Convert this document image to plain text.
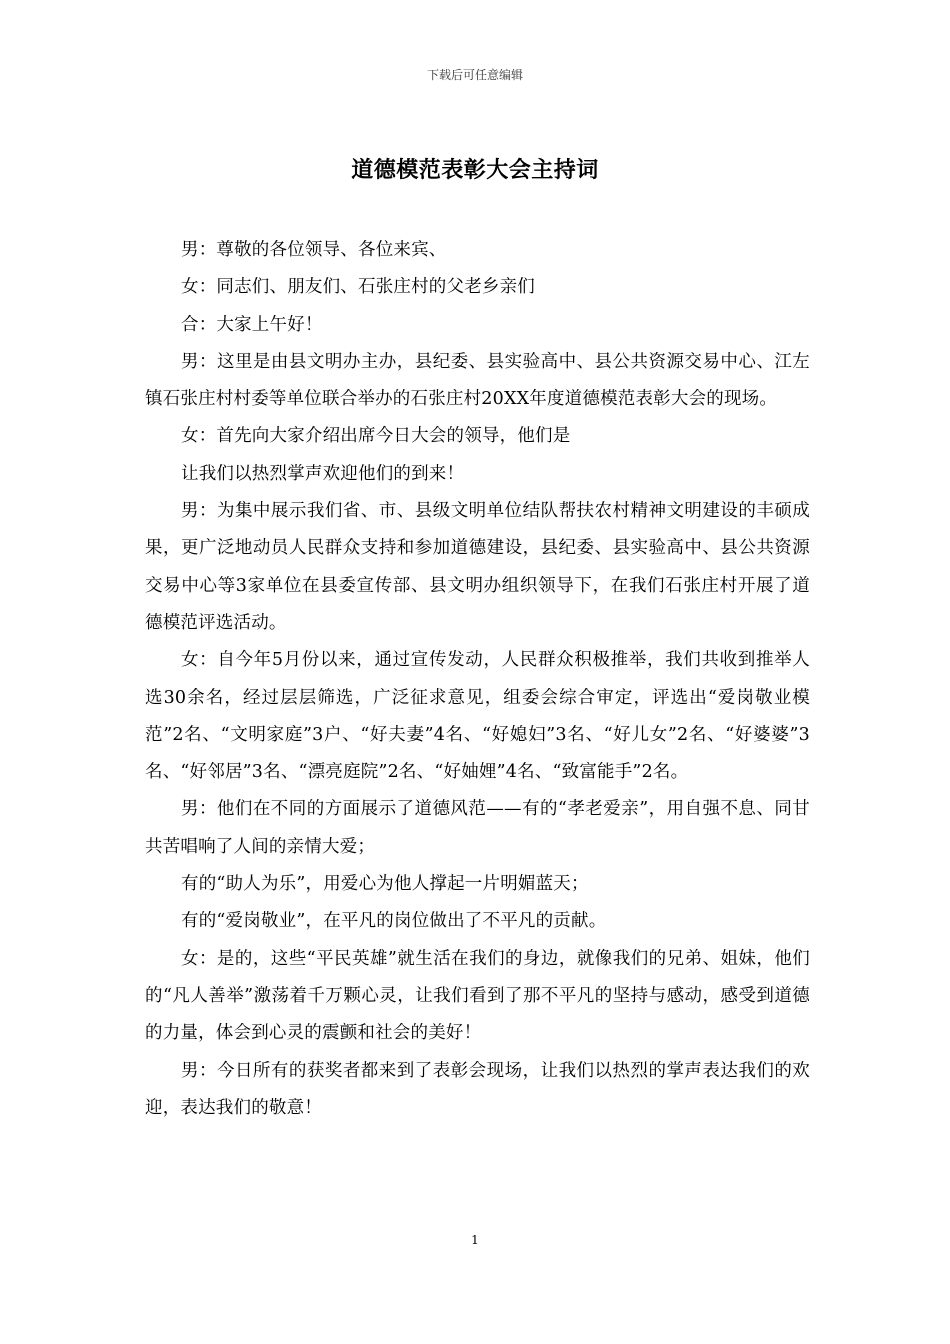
下载后可任意编辑
道德模范表彰大会主持词

男：尊敬的各位领导、各位来宾、

女：同志们、朋友们、石张庄村的父老乡亲们

合：大家上午好！

男：这里是由县文明办主办，县纪委、县实验高中、县公共资源交易中心、江左镇石张庄村村委等单位联合举办的石张庄村20XX年度道德模范表彰大会的现场。

女：首先向大家介绍出席今日大会的领导，他们是

让我们以热烈掌声欢迎他们的到来！

男：为集中展示我们省、市、县级文明单位结队帮扶农村精神文明建设的丰硕成果，更广泛地动员人民群众支持和参加道德建设，县纪委、县实验高中、县公共资源交易中心等3家单位在县委宣传部、县文明办组织领导下，在我们石张庄村开展了道德模范评选活动。

女：自今年5月份以来，通过宣传发动，人民群众积极推举，我们共收到推举人选30余名，经过层层筛选，广泛征求意见，组委会综合审定，评选出“爱岗敬业模范”2名、“文明家庭”3户、“好夫妻”4名、“好媳妇”3名、“好儿女”2名、“好婆婆”3名、“好邻居”3名、“漂亮庭院”2名、“好妯娌”4名、“致富能手”2名。

男：他们在不同的方面展示了道德风范——有的“孝老爱亲”，用自强不息、同甘共苦唱响了人间的亲情大爱；

有的“助人为乐”，用爱心为他人撑起一片明媚蓝天；

有的“爱岗敬业”，在平凡的岗位做出了不平凡的贡献。

女：是的，这些“平民英雄”就生活在我们的身边，就像我们的兄弟、姐妹，他们的“凡人善举”激荡着千万颗心灵，让我们看到了那不平凡的坚持与感动，感受到道德的力量，体会到心灵的震颤和社会的美好！

男：今日所有的获奖者都来到了表彰会现场，让我们以热烈的掌声表达我们的欢迎，表达我们的敬意！

1
